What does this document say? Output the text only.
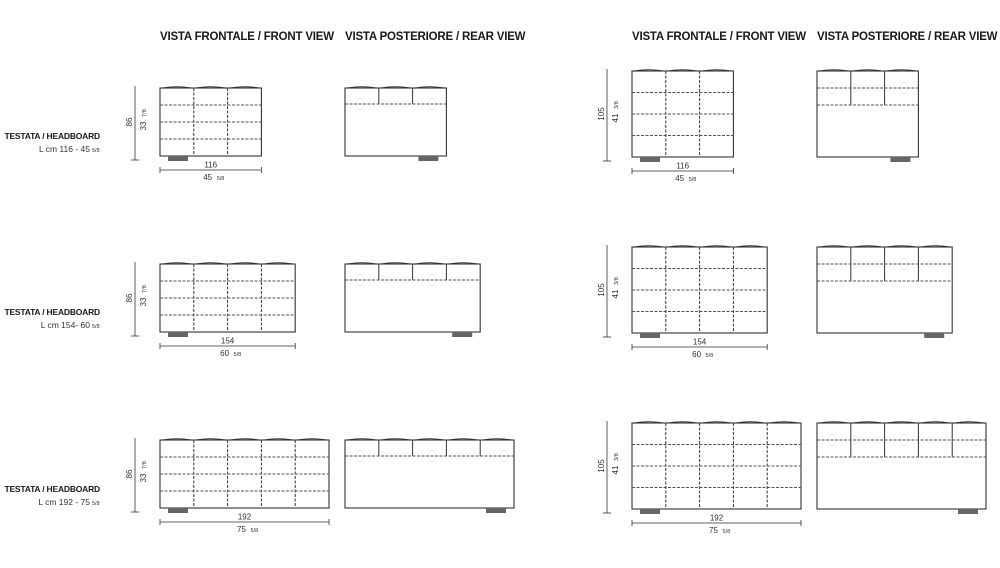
VISTA FRONTALE / FRONT VIEW VISTA POSTERIORE / REAR VIEW	VISTA FRONTALE / FRONT VIEW VISTA POSTERIORE / REAR VIEW
TESTATA / HEADBOARD
L cm 116 - 45 5/8
TESTATA / HEADBOARD
L cm 154- 60 5/8
TESTATA / HEADBOARD
L cm 192 - 75 5/8
86 33
7/8
116
45 5/8
105 41
3/8
116
45 5/8
86 33
7/8
154
60 5/8
105 41
3/8
154
60 5/8
86 33
7/8
192
75 5/8
105 41
3/8
192
75 5/8
